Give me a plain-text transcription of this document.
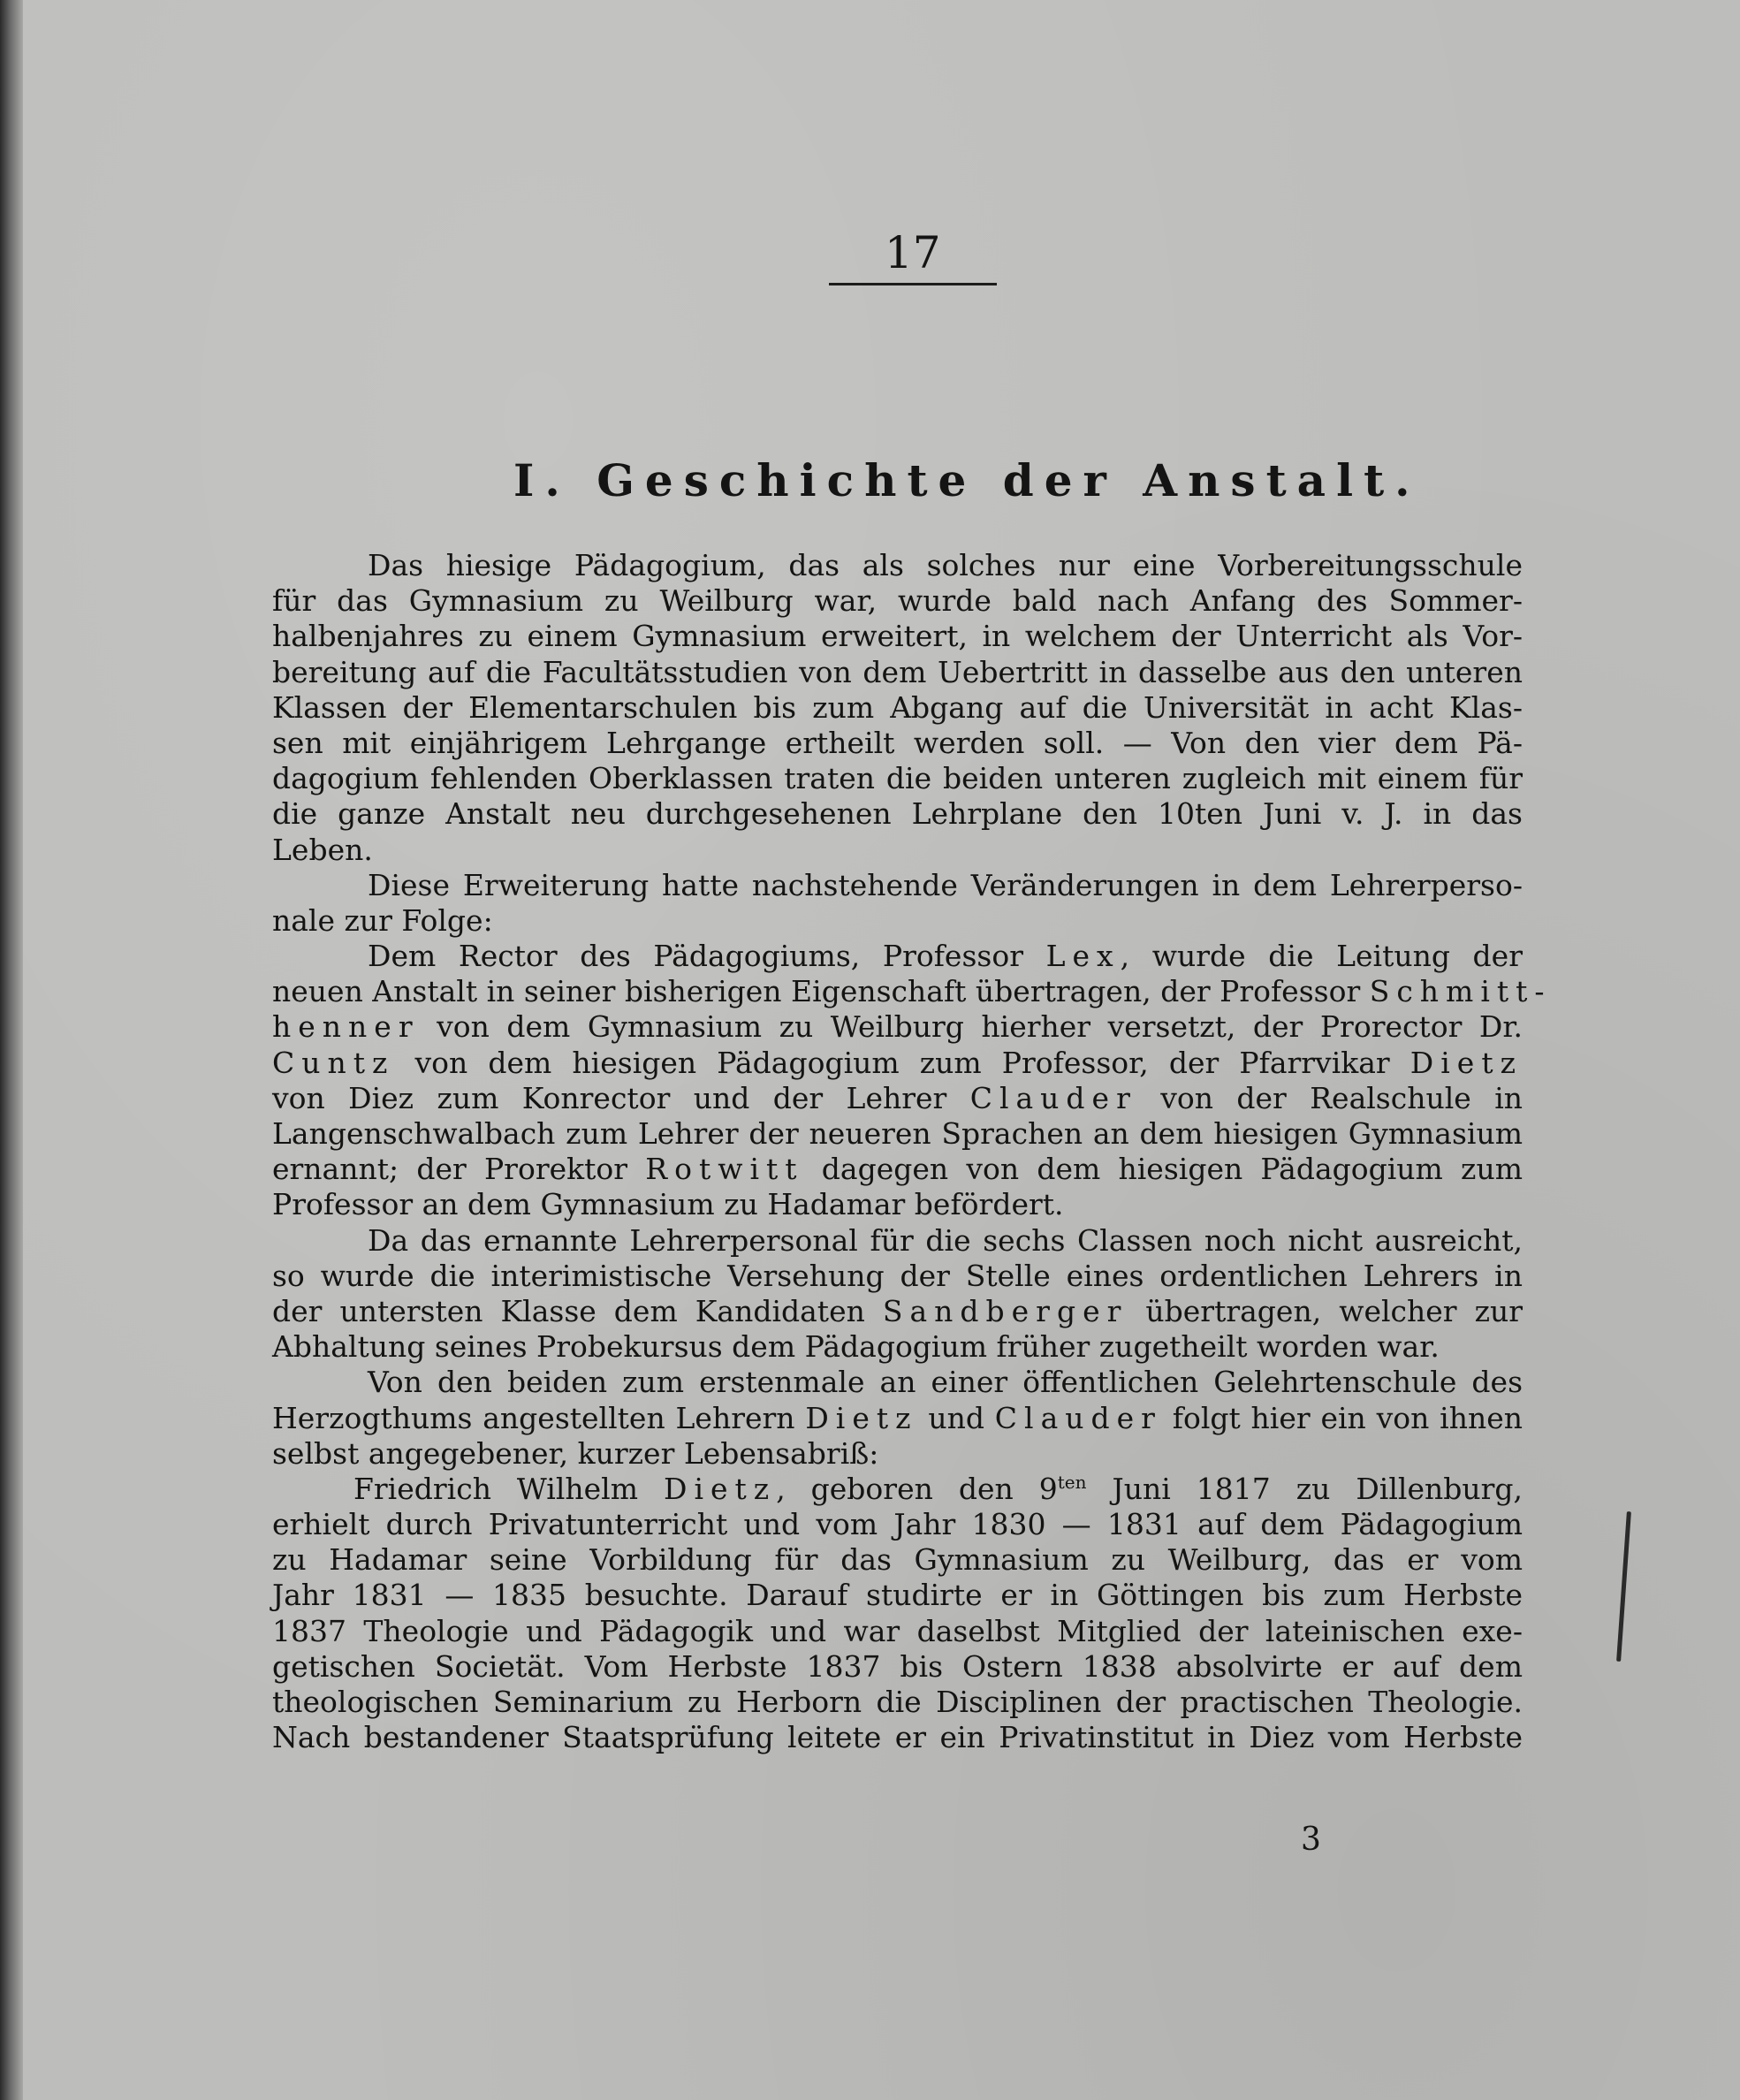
17
I. Geschichte der Anstalt.
Das hiesige Pädagogium, das als solches nur eine Vorbereitungsschule
für das Gymnasium zu Weilburg war, wurde bald nach Anfang des Sommer-
halbenjahres zu einem Gymnasium erweitert, in welchem der Unterricht als Vor-
bereitung auf die Facultätsstudien von dem Uebertritt in dasselbe aus den unteren
Klassen der Elementarschulen bis zum Abgang auf die Universität in acht Klas-
sen mit einjährigem Lehrgange ertheilt werden soll. — Von den vier dem Pä-
dagogium fehlenden Oberklassen traten die beiden unteren zugleich mit einem für
die ganze Anstalt neu durchgesehenen Lehrplane den 10ten Juni v. J. in das
Leben.
Diese Erweiterung hatte nachstehende Veränderungen in dem Lehrerperso-
nale zur Folge:
Dem Rector des Pädagogiums, Professor Lex, wurde die Leitung der
neuen Anstalt in seiner bisherigen Eigenschaft übertragen, der Professor Schmitt-
henner von dem Gymnasium zu Weilburg hierher versetzt, der Prorector Dr.
Cuntz von dem hiesigen Pädagogium zum Professor, der Pfarrvikar Dietz
von Diez zum Konrector und der Lehrer Clauder von der Realschule in
Langenschwalbach zum Lehrer der neueren Sprachen an dem hiesigen Gymnasium
ernannt; der Prorektor Rotwitt dagegen von dem hiesigen Pädagogium zum
Professor an dem Gymnasium zu Hadamar befördert.
Da das ernannte Lehrerpersonal für die sechs Classen noch nicht ausreicht,
so wurde die interimistische Versehung der Stelle eines ordentlichen Lehrers in
der untersten Klasse dem Kandidaten Sandberger übertragen, welcher zur
Abhaltung seines Probekursus dem Pädagogium früher zugetheilt worden war.
Von den beiden zum erstenmale an einer öffentlichen Gelehrtenschule des
Herzogthums angestellten Lehrern Dietz und Clauder folgt hier ein von ihnen
selbst angegebener, kurzer Lebensabriß:
Friedrich Wilhelm Dietz, geboren den $9^{ten}$ Juni 1817 zu Dillenburg,
erhielt durch Privatunterricht und vom Jahr 1830 — 1831 auf dem Pädagogium
zu Hadamar seine Vorbildung für das Gymnasium zu Weilburg, das er vom
Jahr 1831 — 1835 besuchte. Darauf studirte er in Göttingen bis zum Herbste
1837 Theologie und Pädagogik und war daselbst Mitglied der lateinischen exe-
getischen Societät. Vom Herbste 1837 bis Ostern 1838 absolvirte er auf dem
theologischen Seminarium zu Herborn die Disciplinen der practischen Theologie.
Nach bestandener Staatsprüfung leitete er ein Privatinstitut in Diez vom Herbste
3
